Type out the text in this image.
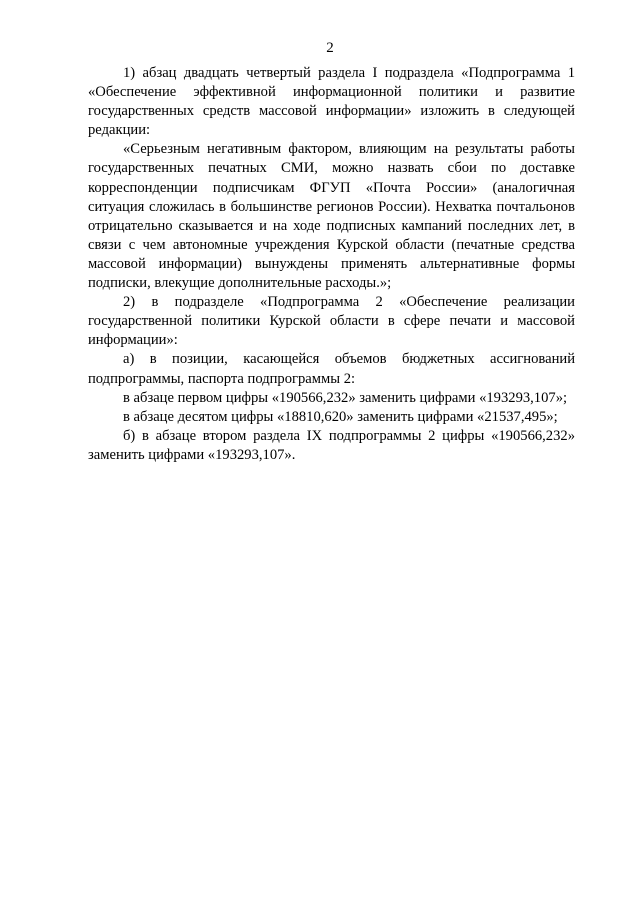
2

1) абзац двадцать четвертый раздела I подраздела «Подпрограмма 1 «Обеспечение эффективной информационной политики и развитие государственных средств массовой информации» изложить в следующей редакции:

«Серьезным негативным фактором, влияющим на результаты работы государственных печатных СМИ, можно назвать сбои по доставке корреспонденции подписчикам ФГУП «Почта России» (аналогичная ситуация сложилась в большинстве регионов России). Нехватка почтальонов отрицательно сказывается и на ходе подписных кампаний последних лет, в связи с чем автономные учреждения Курской области (печатные средства массовой информации) вынуждены применять альтернативные формы подписки, влекущие дополнительные расходы.»;

2) в подразделе «Подпрограмма 2 «Обеспечение реализации государственной политики Курской области в сфере печати и массовой информации»:

а) в позиции, касающейся объемов бюджетных ассигнований подпрограммы, паспорта подпрограммы 2:

в абзаце первом цифры «190566,232» заменить цифрами «193293,107»;

в абзаце десятом цифры «18810,620» заменить цифрами «21537,495»;

б) в абзаце втором раздела IX подпрограммы 2 цифры «190566,232» заменить цифрами «193293,107».
